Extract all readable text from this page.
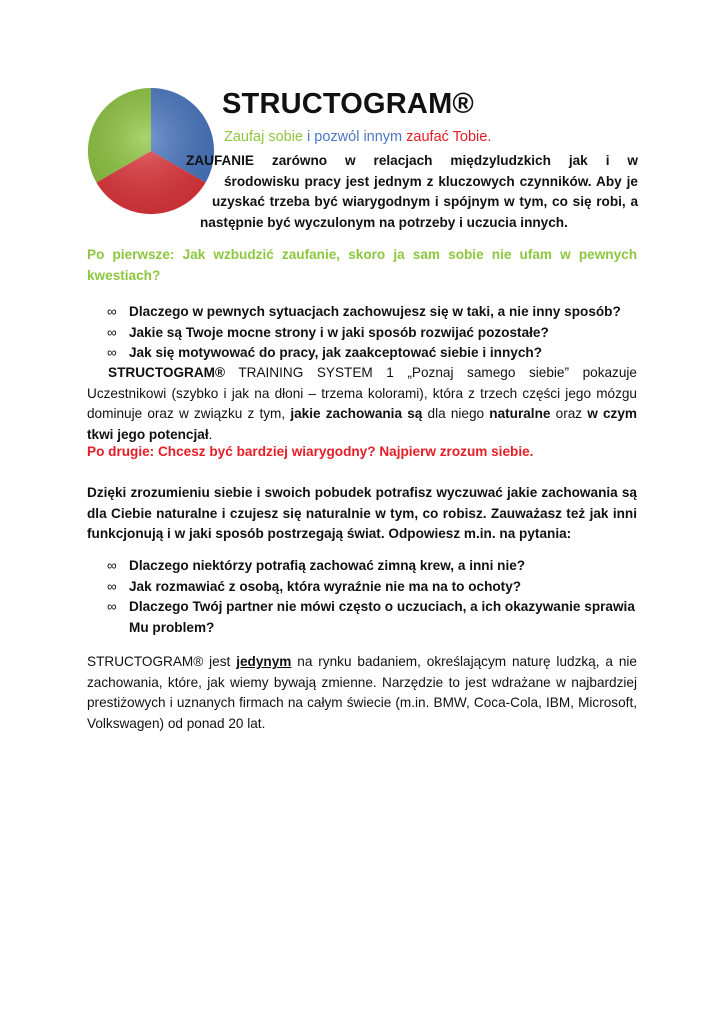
STRUCTOGRAM®
Zaufaj sobie i pozwól innym zaufać Tobie.
ZAUFANIE zarówno w relacjach międzyludzkich jak i w
środowisku pracy jest jednym z kluczowych czynników. Aby je
uzyskać trzeba być wiarygodnym i spójnym w tym, co się robi, a
następnie być wyczulonym na potrzeby i uczucia innych.
Po pierwsze: Jak wzbudzić zaufanie, skoro ja sam sobie nie ufam w pewnych kwestiach?
∞ Dlaczego w pewnych sytuacjach zachowujesz się w taki, a nie inny sposób?
∞ Jakie są Twoje mocne strony i w jaki sposób rozwijać pozostałe?
∞ Jak się motywować do pracy, jak zaakceptować siebie i innych?
STRUCTOGRAM® TRAINING SYSTEM 1 „Poznaj samego siebie” pokazuje Uczestnikowi (szybko i jak na dłoni – trzema kolorami), która z trzech części jego mózgu dominuje oraz w związku z tym, jakie zachowania są dla niego naturalne oraz w czym tkwi jego potencjał.
Po drugie: Chcesz być bardziej wiarygodny? Najpierw zrozum siebie.
Dzięki zrozumieniu siebie i swoich pobudek potrafisz wyczuwać jakie zachowania są dla Ciebie naturalne i czujesz się naturalnie w tym, co robisz. Zauważasz też jak inni funkcjonują i w jaki sposób postrzegają świat. Odpowiesz m.in. na pytania:
∞ Dlaczego niektórzy potrafią zachować zimną krew, a inni nie?
∞ Jak rozmawiać z osobą, która wyraźnie nie ma na to ochoty?
∞ Dlaczego Twój partner nie mówi często o uczuciach, a ich okazywanie sprawia Mu problem?
STRUCTOGRAM® jest jedynym na rynku badaniem, określającym naturę ludzką, a nie zachowania, które, jak wiemy bywają zmienne. Narzędzie to jest wdrażane w najbardziej prestiżowych i uznanych firmach na całym świecie (m.in. BMW, Coca-Cola, IBM, Microsoft, Volkswagen) od ponad 20 lat.
